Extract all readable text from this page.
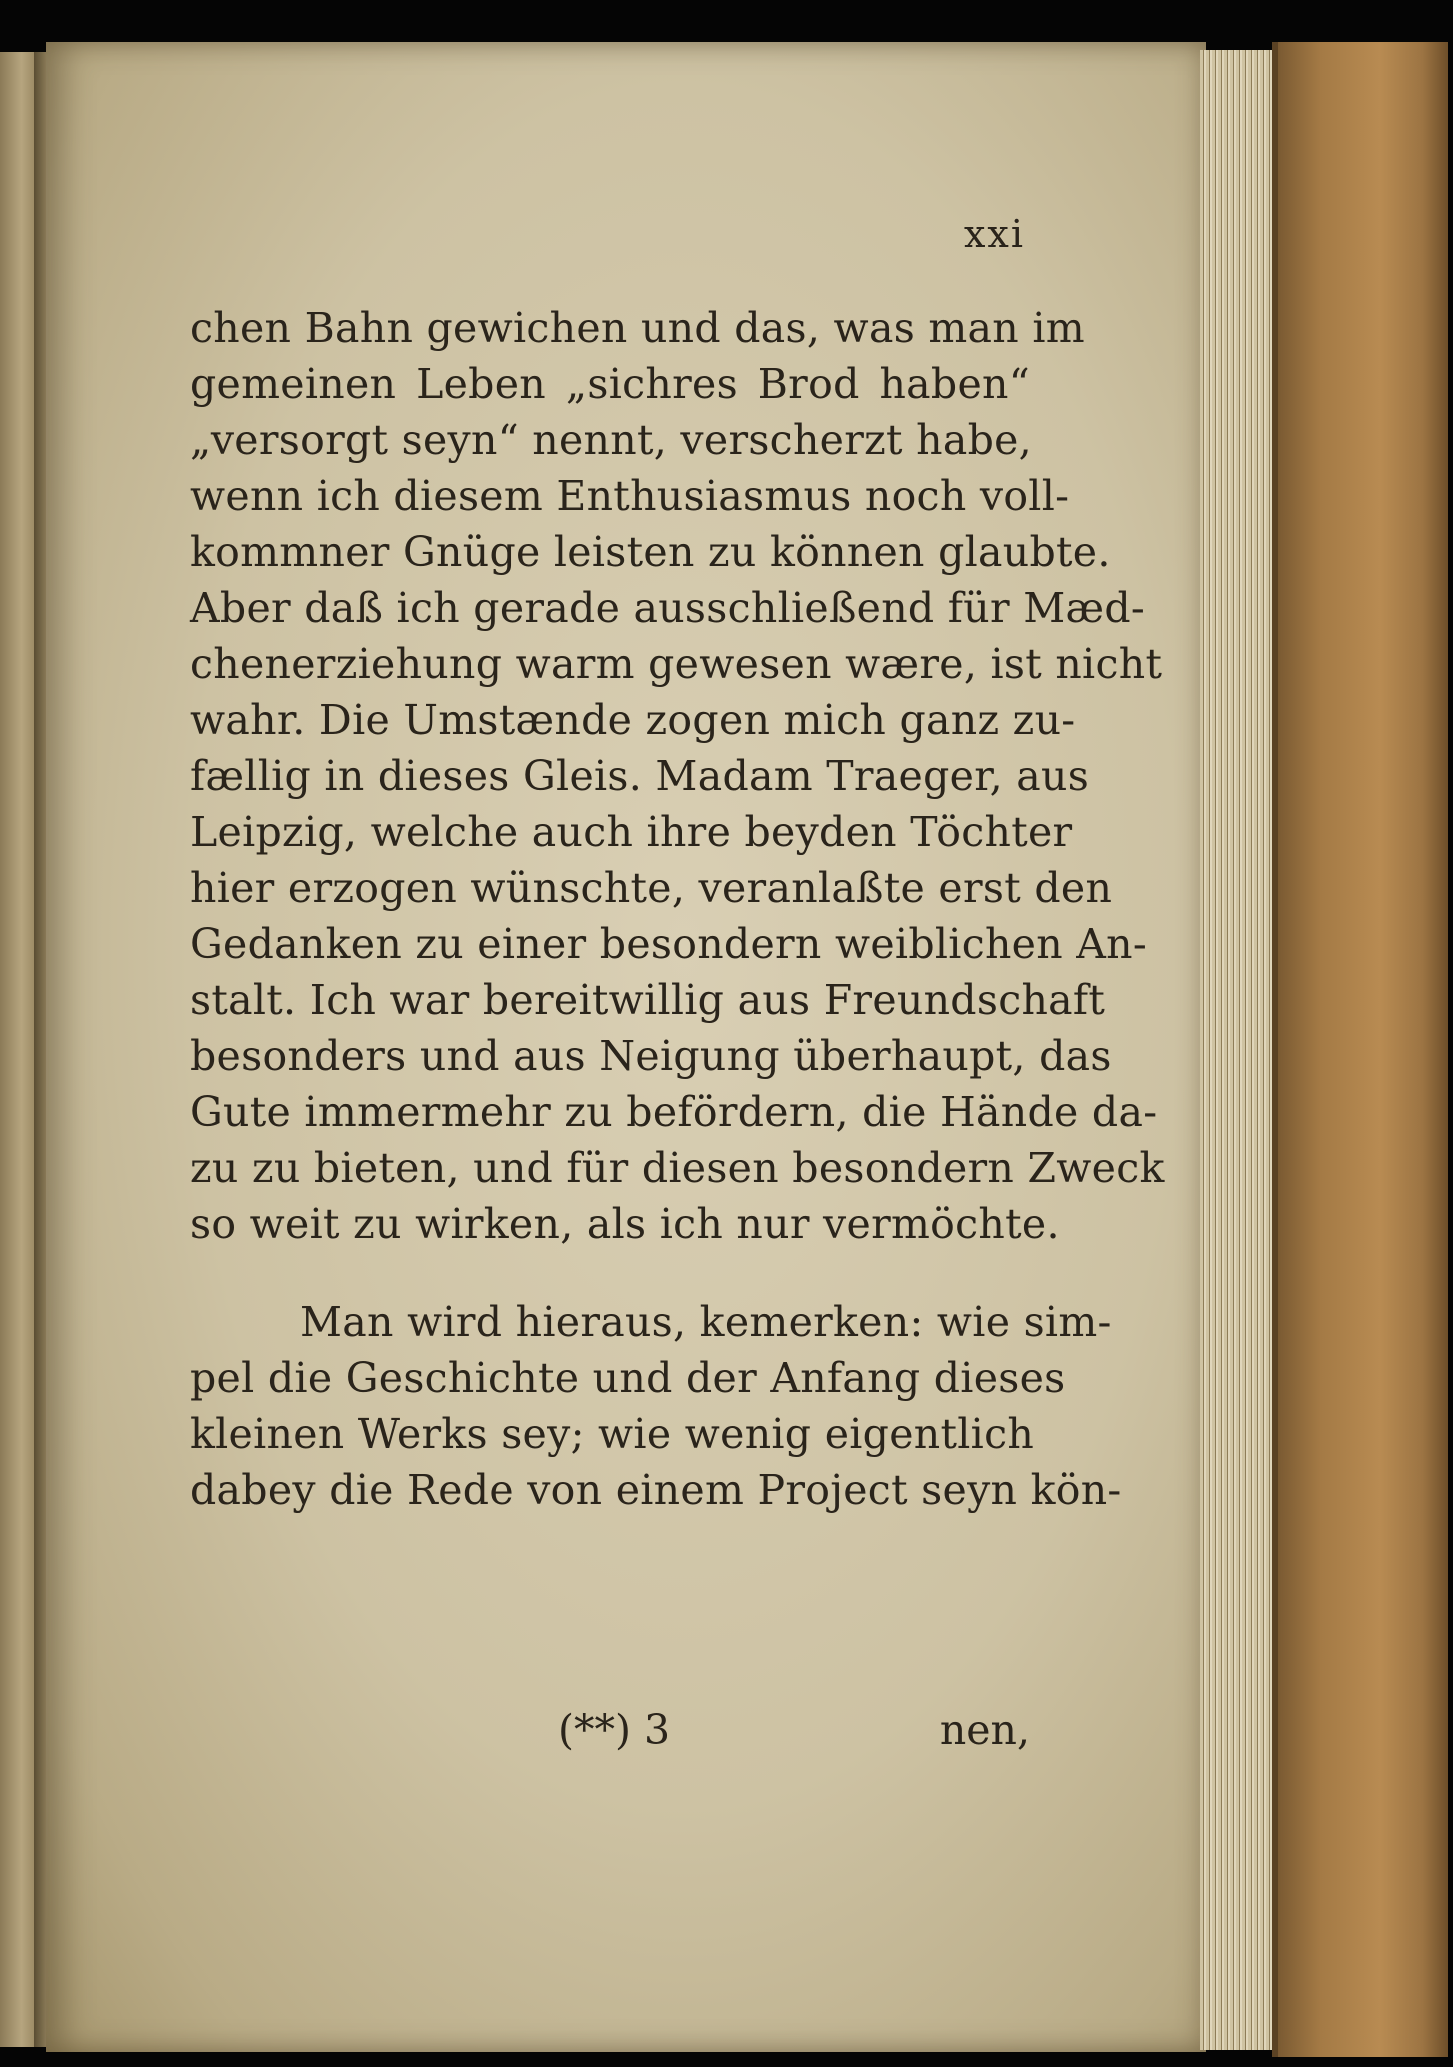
xxi
chen Bahn gewichen und das, was man im
gemeinen Leben „sichres Brod haben“
„versorgt seyn“ nennt, verscherzt habe,
wenn ich diesem Enthusiasmus noch voll-
kommner Gnüge leisten zu können glaubte.
Aber daß ich gerade ausschließend für Mæd-
chenerziehung warm gewesen wære, ist nicht
wahr. Die Umstænde zogen mich ganz zu-
fællig in dieses Gleis. Madam Traeger, aus
Leipzig, welche auch ihre beyden Töchter
hier erzogen wünschte, veranlaßte erst den
Gedanken zu einer besondern weiblichen An-
stalt. Ich war bereitwillig aus Freundschaft
besonders und aus Neigung überhaupt, das
Gute immermehr zu befördern, die Hände da-
zu zu bieten, und für diesen besondern Zweck
so weit zu wirken, als ich nur vermöchte.
Man wird hieraus, kemerken: wie sim-
pel die Geschichte und der Anfang dieses
kleinen Werks sey; wie wenig eigentlich
dabey die Rede von einem Project seyn kön-
(**) 3	nen,
